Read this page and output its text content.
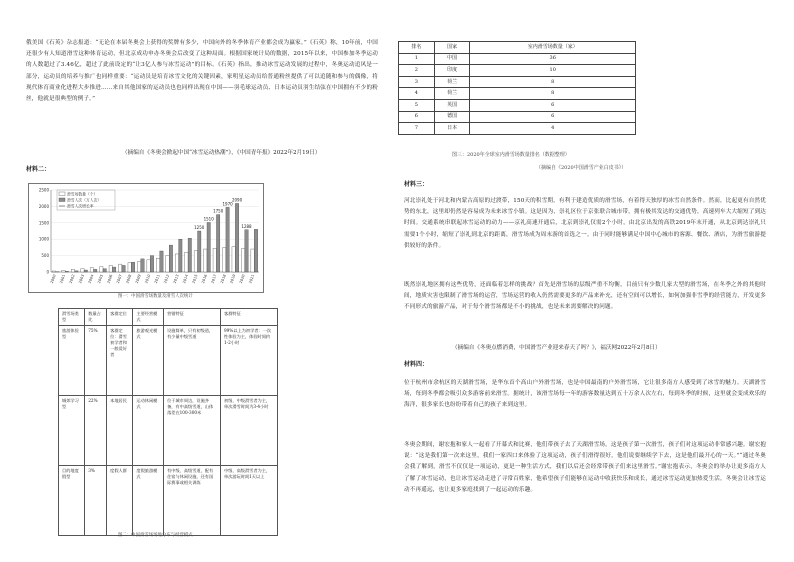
俄美国《石英》杂志报道：“无论在本届冬奥会上获得的奖牌有多少，中国向外的冬季体育产业都会成为赢家。”《石英》称，10年前，中国还很少有人知道滑雪这种体育运动，但北京成功申办冬奥会后改变了这种局面。根据国家统计局的数据，2015年以来，中国参加冬季运动的人数超过了3.46亿，超过了此前设定的“让3亿人参与冰雪运动”的目标。《石英》指出，推动冰雪运动发展的过程中，冬奥运动追风是一部分，运动员的培养与推广也同样重要：“运动员是培育冰雪文化的关键因素，家明星运动员给普通粉丝提供了可以追随和参与的偶像，将现代体育商业化进程大步推进……来自其他国家的运动员也也同样出现在中国——羽毛球运动员、日本运动员羽生结弦在中国拥有不少的粉丝，他就是很典型的例子。”
（摘编自《冬奥会掀起中国“冰雪运动热潮”》，《中国青年报》2022年2月19日）
材料二：
0
500
1000
1500
2000
2500
1250
1510
1750
1970
2090
1288
2000 2001 2002 2003 2004 2005 2006 2007 2008 2009 2010 2011 2012 2013 2014 2015 2016 2017 2018 2019 2020 2021
滑雪场数量（个）
滑雪人次（万人次）
滑雪人次增长率
图一：中国滑雪场数量及滑雪人次统计
滑雪场类型	数量占比	客群定位	主要经营模式	营销特征	客群特征
旅游体验型	75%	客群定位：滑雪初学者和一般爱好者	旅游观光模式	设施简单，只有初级道，有少量中级雪道	99%以上为初学者：一次性体验为主，体验时间约1-2小时
城郊学习型	22%	本地居民	运动休闲模式	位于城市周边，设施齐备，有中高级雪道，山体落差在100-300米	初级、中级滑雪者为主，单次滑雪时间为3-4小时
目的地度假型	3%	度假人群	度假旅游模式	有中级、高级雪道，配有住宿与休闲设施，还有国际赛事或相关训练	中级、高级滑雪者为主，单次游玩时间1天以上
图二：中国滑雪场场地分布与经营模式
排名	国家	室内滑雪场数量（家）
1	中国	36
2	印度	10
3	荷兰	8
4	荷兰	8
5	英国	6
6	德国	6
7	日本	4
图三：2020年全球室内滑雪场数量排名（数据整理）
（摘编自《2020中国滑雪产业白皮书》）
材料三：
河北崇礼处于河北和内蒙古高原的过渡带，150天的积雪期，有利于建造优质的滑雪场，有着得天独厚的冰雪自然条件。然而，比起更有自然优势的东北，这里却仍然是容易成为未来冰雪小镇。这是因为，崇礼区位于京张联合城市带，拥有极其发达的交通优势，高速列车大大缩短了到达时间。交通系统串联起冰雪运动的动力——京礼高速开通后，北京到崇礼仅需2个小时，由北京出发的高铁2019年末开通，从北京到达崇礼只需要1个小时，缩短了崇礼到北京的距离，滑雪场成为周末游的首选之一。由于同时能够满足中国中心城市的客源、餐饮、酒店，为滑雪旅游提供较好的条件。
既然崇礼地区拥有这些优势，还面临着怎样的挑战？首先是滑雪场的层级严重不均衡，目前只有少数几家大型的滑雪场，在冬季之外的其他时间，地质灾害也限制了滑雪场的运营，雪场运营的收入仍然需要更多的产品来补充，还有空间可以增长，如何加强非雪季的经营能力，开发更多不同形式的旅游产品，对于每个滑雪场都是不小的挑战，也是未来需要解决的问题。
（摘编自《冬奥点燃消费，中国滑雪产业迎来春天了吗？》，福沃网2022年2月8日）
材料四：
位于杭州市余杭区的天湖滑雪场，是华东首个高山户外滑雪场，也是中国最南的户外滑雪场，它让很多南方人感受到了冰雪的魅力。天湖滑雪场，每到冬季都会吸引众多游客前来滑雪。据统计，该滑雪场每一年的游客数量达到五十万余人次左右，每到冬季的时候，这里就会变成欢乐的海洋，很多家长也纷纷带着自己的孩子来到这里。
冬奥会期间，谢宏抱和家人一起看了开幕式和比赛，他们带孩子去了天湖滑雪场，这是孩子第一次滑雪，孩子们对这项运动非常感兴趣。谢宏抱说：“这是我们第一次来这里，我们一家四口来体验了这项运动，孩子们滑得很好，他们说要继续学下去，这是他们最开心的一天。”“通过冬奥会我了解到，滑雪不仅仅是一项运动，更是一种生活方式，我们以后还会经常带孩子们来这里滑雪。”谢宏抱表示，冬奥会的举办让更多南方人了解了冰雪运动，也让冰雪运动走进了寻常百姓家，他希望孩子们能够在运动中收获快乐和成长，通过冰雪运动更加热爱生活。冬奥会让冰雪运动不再遥远，也让更多家庭找到了一起运动的乐趣。
